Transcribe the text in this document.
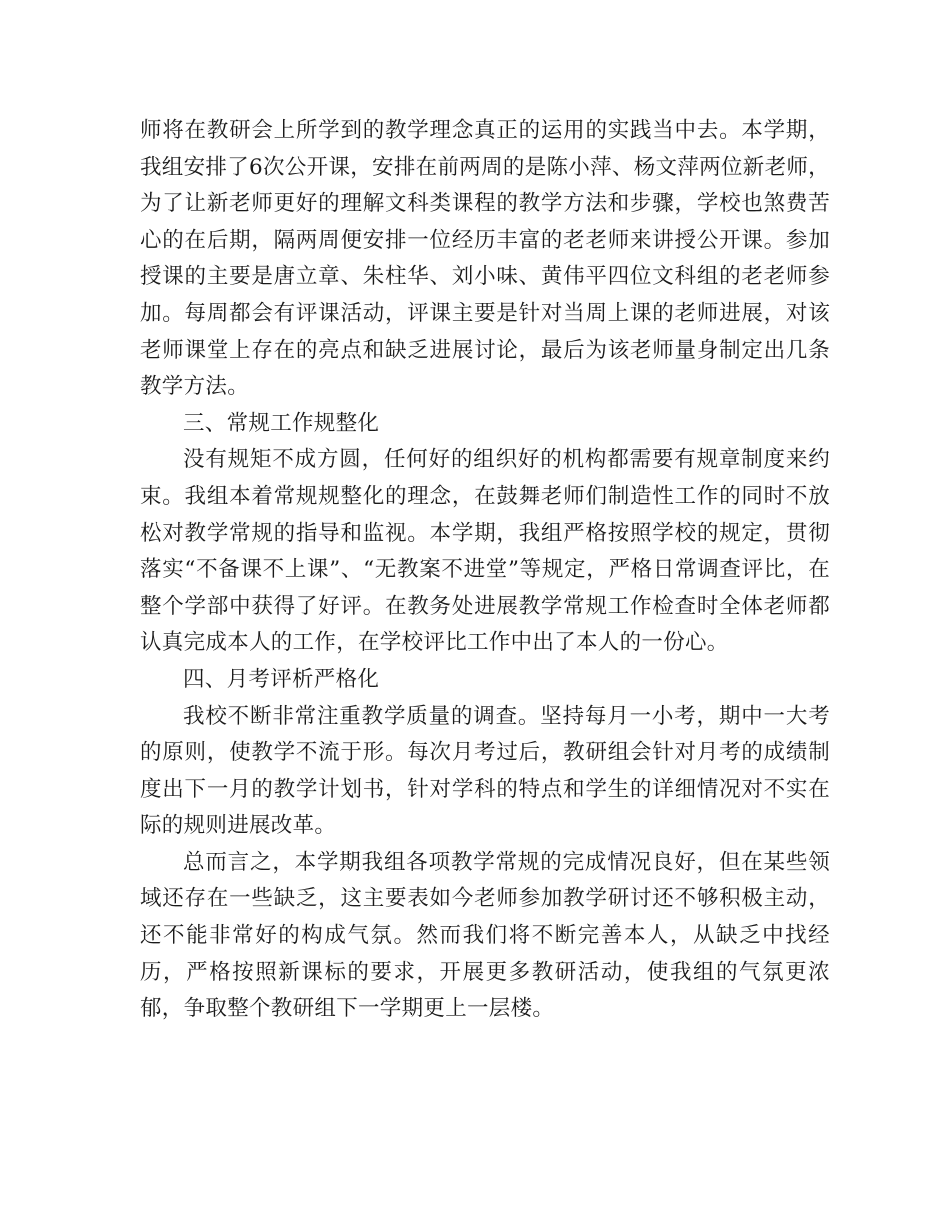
师将在教研会上所学到的教学理念真正的运用的实践当中去。本学期，我组安排了6次公开课，安排在前两周的是陈小萍、杨文萍两位新老师，为了让新老师更好的理解文科类课程的教学方法和步骤，学校也煞费苦心的在后期，隔两周便安排一位经历丰富的老老师来讲授公开课。参加授课的主要是唐立章、朱柱华、刘小味、黄伟平四位文科组的老老师参加。每周都会有评课活动，评课主要是针对当周上课的老师进展，对该老师课堂上存在的亮点和缺乏进展讨论，最后为该老师量身制定出几条教学方法。

三、常规工作规整化

没有规矩不成方圆，任何好的组织好的机构都需要有规章制度来约束。我组本着常规规整化的理念，在鼓舞老师们制造性工作的同时不放松对教学常规的指导和监视。本学期，我组严格按照学校的规定，贯彻落实“不备课不上课”、“无教案不进堂”等规定，严格日常调查评比，在整个学部中获得了好评。在教务处进展教学常规工作检查时全体老师都认真完成本人的工作，在学校评比工作中出了本人的一份心。

四、月考评析严格化

我校不断非常注重教学质量的调查。坚持每月一小考，期中一大考的原则，使教学不流于形。每次月考过后，教研组会针对月考的成绩制度出下一月的教学计划书，针对学科的特点和学生的详细情况对不实在际的规则进展改革。

总而言之，本学期我组各项教学常规的完成情况良好，但在某些领域还存在一些缺乏，这主要表如今老师参加教学研讨还不够积极主动，还不能非常好的构成气氛。然而我们将不断完善本人，从缺乏中找经历，严格按照新课标的要求，开展更多教研活动，使我组的气氛更浓郁，争取整个教研组下一学期更上一层楼。
